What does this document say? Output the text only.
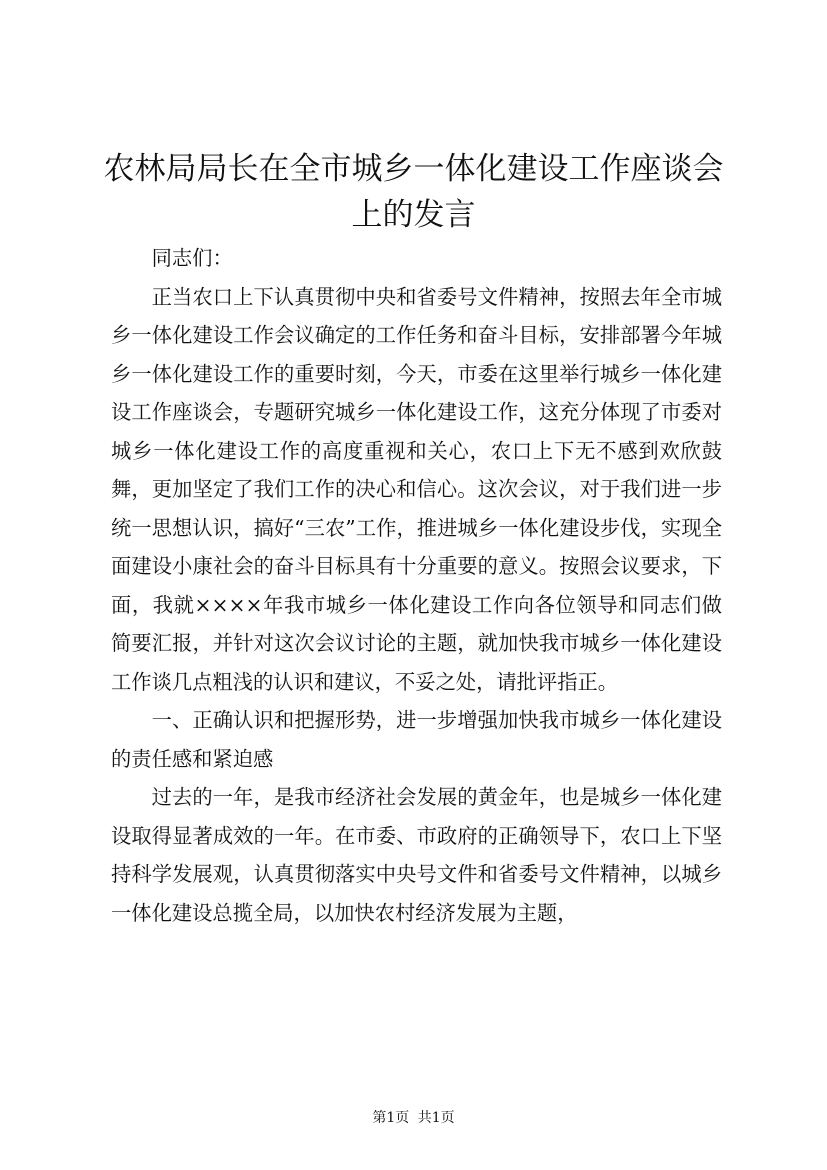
农林局局长在全市城乡一体化建设工作座谈会上的发言

同志们：

正当农口上下认真贯彻中央和省委号文件精神，按照去年全市城乡一体化建设工作会议确定的工作任务和奋斗目标，安排部署今年城乡一体化建设工作的重要时刻，今天，市委在这里举行城乡一体化建设工作座谈会，专题研究城乡一体化建设工作，这充分体现了市委对城乡一体化建设工作的高度重视和关心，农口上下无不感到欢欣鼓舞，更加坚定了我们工作的决心和信心。这次会议，对于我们进一步统一思想认识，搞好“三农”工作，推进城乡一体化建设步伐，实现全面建设小康社会的奋斗目标具有十分重要的意义。按照会议要求，下面，我就××××年我市城乡一体化建设工作向各位领导和同志们做简要汇报，并针对这次会议讨论的主题，就加快我市城乡一体化建设工作谈几点粗浅的认识和建议，不妥之处，请批评指正。

一、正确认识和把握形势，进一步增强加快我市城乡一体化建设的责任感和紧迫感

过去的一年，是我市经济社会发展的黄金年，也是城乡一体化建设取得显著成效的一年。在市委、市政府的正确领导下，农口上下坚持科学发展观，认真贯彻落实中央号文件和省委号文件精神，以城乡一体化建设总揽全局，以加快农村经济发展为主题，

第1页 共1页
